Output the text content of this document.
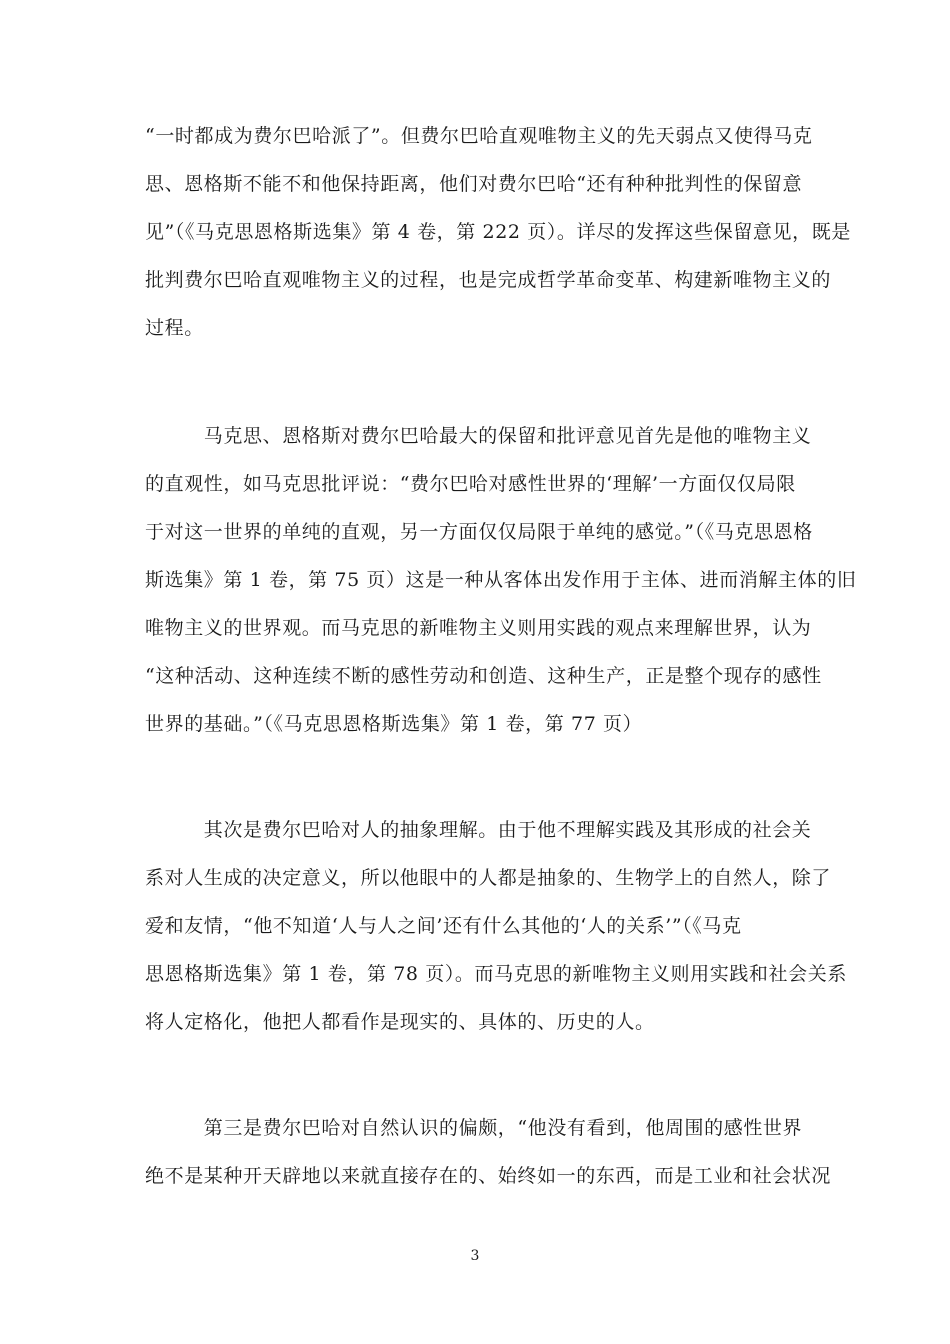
“一时都成为费尔巴哈派了”。但费尔巴哈直观唯物主义的先天弱点又使得马克
思、恩格斯不能不和他保持距离，他们对费尔巴哈“还有种种批判性的保留意
见”（《马克思恩格斯选集》第 4 卷，第 222 页）。详尽的发挥这些保留意见，既是
批判费尔巴哈直观唯物主义的过程，也是完成哲学革命变革、构建新唯物主义的
过程。
　　　马克思、恩格斯对费尔巴哈最大的保留和批评意见首先是他的唯物主义
的直观性，如马克思批评说：“费尔巴哈对感性世界的‘理解’一方面仅仅局限
于对这一世界的单纯的直观，另一方面仅仅局限于单纯的感觉。”（《马克思恩格
斯选集》第 1 卷，第 75 页）这是一种从客体出发作用于主体、进而消解主体的旧
唯物主义的世界观。而马克思的新唯物主义则用实践的观点来理解世界，认为
“这种活动、这种连续不断的感性劳动和创造、这种生产，正是整个现存的感性
世界的基础。”（《马克思恩格斯选集》第 1 卷，第 77 页）
　　　其次是费尔巴哈对人的抽象理解。由于他不理解实践及其形成的社会关
系对人生成的决定意义，所以他眼中的人都是抽象的、生物学上的自然人，除了
爱和友情，“他不知道‘人与人之间’还有什么其他的‘人的关系’”（《马克
思恩格斯选集》第 1 卷，第 78 页）。而马克思的新唯物主义则用实践和社会关系
将人定格化，他把人都看作是现实的、具体的、历史的人。
　　　第三是费尔巴哈对自然认识的偏颇，“他没有看到，他周围的感性世界
绝不是某种开天辟地以来就直接存在的、始终如一的东西，而是工业和社会状况
3
